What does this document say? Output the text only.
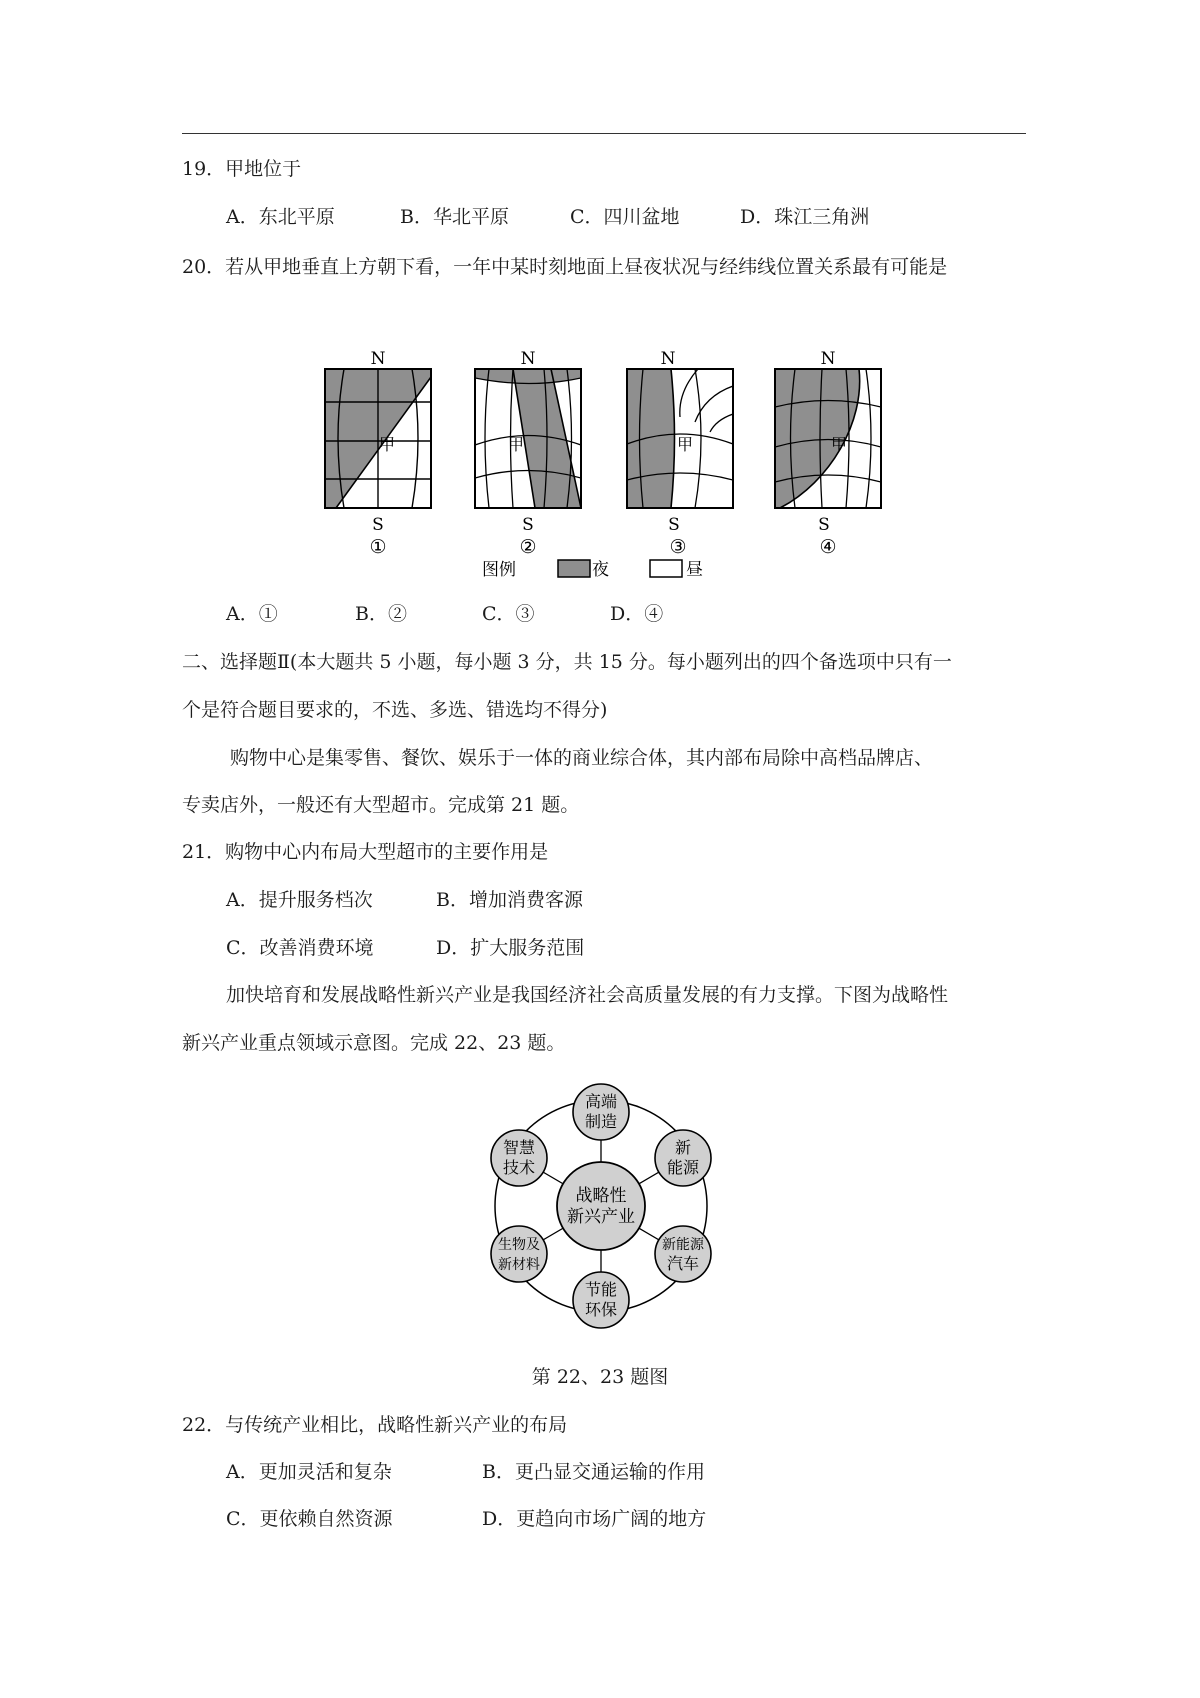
19．甲地位于
A．东北平原	B．华北平原	C．四川盆地	D．珠江三角洲
20．若从甲地垂直上方朝下看，一年中某时刻地面上昼夜状况与经纬线位置关系最有可能是
N
甲
S
①
N
甲
S
②
N
甲
S
③
N
甲
S
④
图例	夜	昼
A．①	B．②	C．③	D．④
二、选择题Ⅱ(本大题共 5 小题，每小题 3 分，共 15 分。每小题列出的四个备选项中只有一
个是符合题目要求的，不选、多选、错选均不得分)
购物中心是集零售、餐饮、娱乐于一体的商业综合体，其内部布局除中高档品牌店、
专卖店外，一般还有大型超市。完成第 21 题。
21．购物中心内布局大型超市的主要作用是
A．提升服务档次	B．增加消费客源
C．改善消费环境	D．扩大服务范围
加快培育和发展战略性新兴产业是我国经济社会高质量发展的有力支撑。下图为战略性
新兴产业重点领域示意图。完成 22、23 题。
战略性
新兴产业
高端
制造
新
能源
新能源
汽车
节能
环保
生物及
新材料
智慧
技术
第 22、23 题图
22．与传统产业相比，战略性新兴产业的布局
A．更加灵活和复杂	B．更凸显交通运输的作用
C．更依赖自然资源	D．更趋向市场广阔的地方
